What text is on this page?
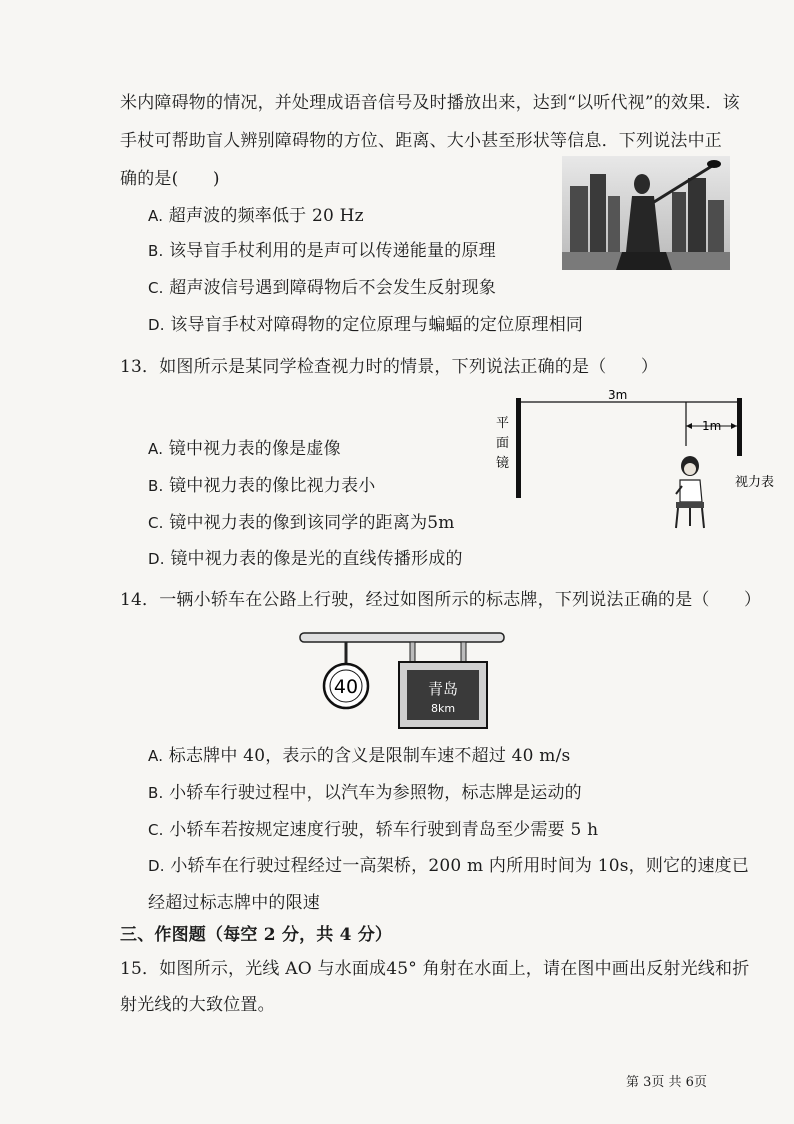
米内障碍物的情况，并处理成语音信号及时播放出来，达到“以听代视”的效果．该
手杖可帮助盲人辨别障碍物的方位、距离、大小甚至形状等信息．下列说法中正
确的是(　　)
A. 超声波的频率低于 20 Hz
B. 该导盲手杖利用的是声可以传递能量的原理
C. 超声波信号遇到障碍物后不会发生反射现象
D. 该导盲手杖对障碍物的定位原理与蝙蝠的定位原理相同
13．如图所示是某同学检查视力时的情景，下列说法正确的是（　　）
平
面
镜
3m
1m
视力表
A. 镜中视力表的像是虚像
B. 镜中视力表的像比视力表小
C. 镜中视力表的像到该同学的距离为5m
D. 镜中视力表的像是光的直线传播形成的
14．一辆小轿车在公路上行驶，经过如图所示的标志牌，下列说法正确的是（　　）
40	青岛
8km
A. 标志牌中 40，表示的含义是限制车速不超过 40 m/s
B. 小轿车行驶过程中，以汽车为参照物，标志牌是运动的
C. 小轿车若按规定速度行驶，轿车行驶到青岛至少需要 5 h
D. 小轿车在行驶过程经过一高架桥，200 m 内所用时间为 10s，则它的速度已
经超过标志牌中的限速
三、作图题（每空 2 分，共 4 分）
15．如图所示，光线 AO 与水面成45° 角射在水面上，请在图中画出反射光线和折
射光线的大致位置。
第 3页 共 6页
